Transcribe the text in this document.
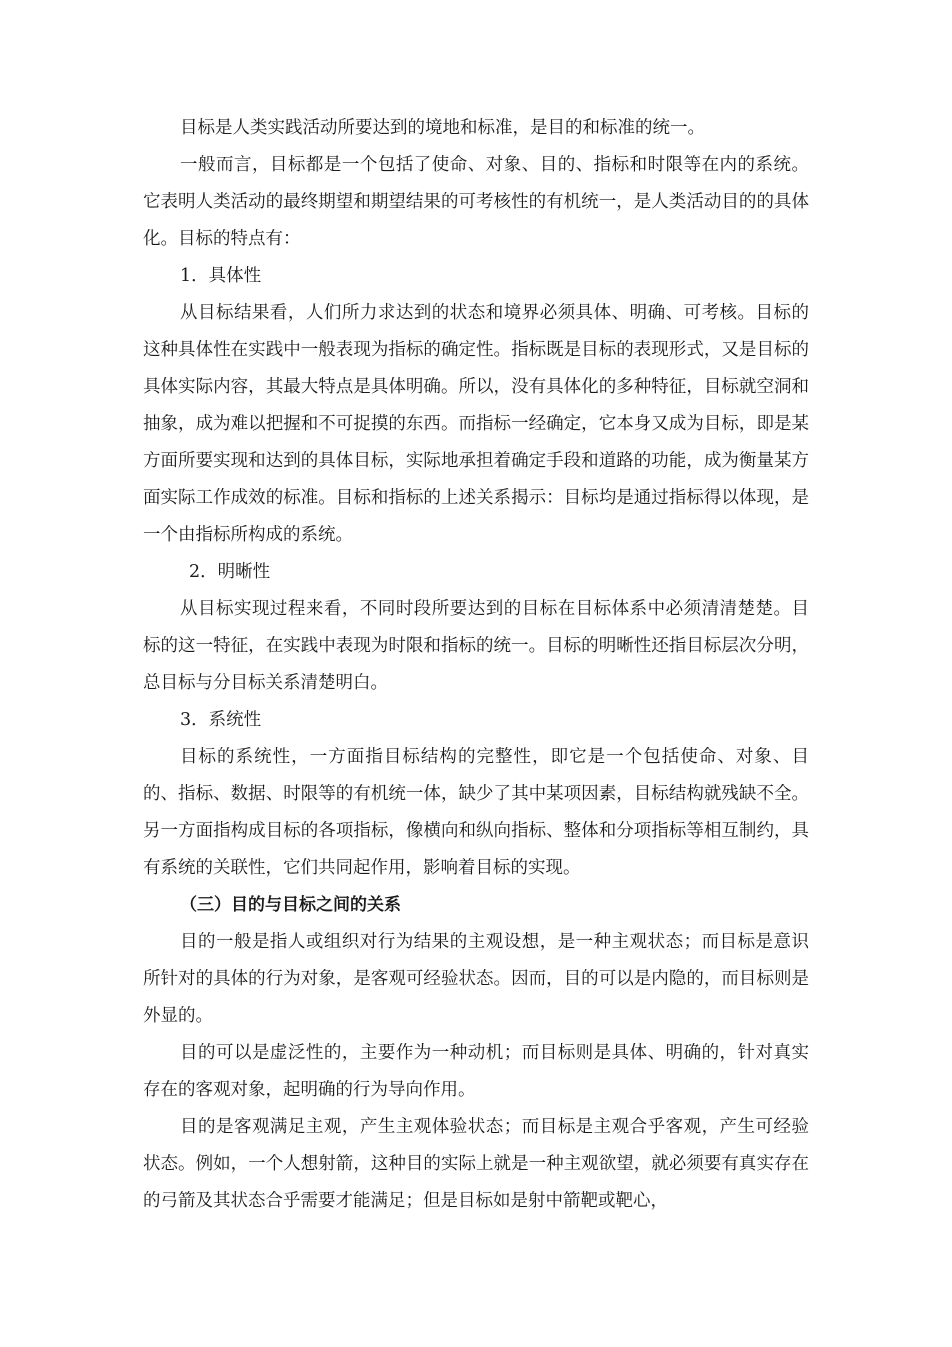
目标是人类实践活动所要达到的境地和标准，是目的和标准的统一。

一般而言，目标都是一个包括了使命、对象、目的、指标和时限等在内的系统。它表明人类活动的最终期望和期望结果的可考核性的有机统一，是人类活动目的的具体化。目标的特点有：

1．具体性

从目标结果看，人们所力求达到的状态和境界必须具体、明确、可考核。目标的这种具体性在实践中一般表现为指标的确定性。指标既是目标的表现形式，又是目标的具体实际内容，其最大特点是具体明确。所以，没有具体化的多种特征，目标就空洞和抽象，成为难以把握和不可捉摸的东西。而指标一经确定，它本身又成为目标，即是某方面所要实现和达到的具体目标，实际地承担着确定手段和道路的功能，成为衡量某方面实际工作成效的标准。目标和指标的上述关系揭示：目标均是通过指标得以体现，是一个由指标所构成的系统。

2．明晰性

从目标实现过程来看，不同时段所要达到的目标在目标体系中必须清清楚楚。目标的这一特征，在实践中表现为时限和指标的统一。目标的明晰性还指目标层次分明，总目标与分目标关系清楚明白。

3．系统性

目标的系统性，一方面指目标结构的完整性，即它是一个包括使命、对象、目的、指标、数据、时限等的有机统一体，缺少了其中某项因素，目标结构就残缺不全。另一方面指构成目标的各项指标，像横向和纵向指标、整体和分项指标等相互制约，具有系统的关联性，它们共同起作用，影响着目标的实现。

（三）目的与目标之间的关系

目的一般是指人或组织对行为结果的主观设想，是一种主观状态；而目标是意识所针对的具体的行为对象，是客观可经验状态。因而，目的可以是内隐的，而目标则是外显的。

目的可以是虚泛性的，主要作为一种动机；而目标则是具体、明确的，针对真实存在的客观对象，起明确的行为导向作用。

目的是客观满足主观，产生主观体验状态；而目标是主观合乎客观，产生可经验状态。例如，一个人想射箭，这种目的实际上就是一种主观欲望，就必须要有真实存在的弓箭及其状态合乎需要才能满足；但是目标如是射中箭靶或靶心，
